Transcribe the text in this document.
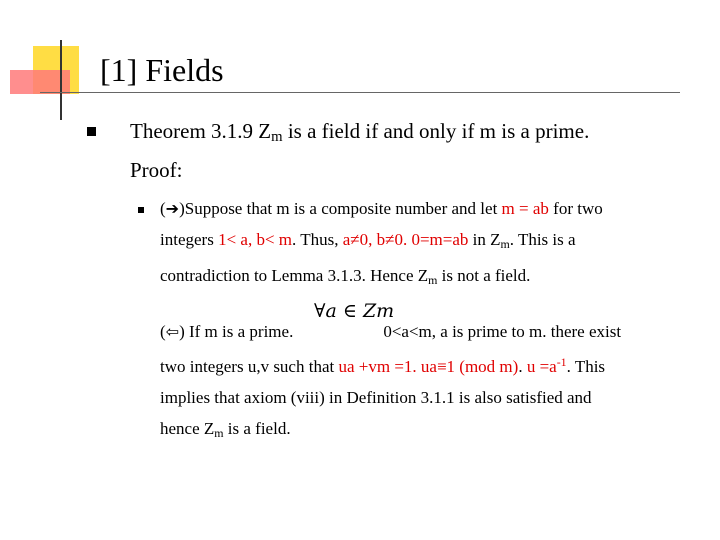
[1] Fields
Theorem 3.1.9 $Z_m$ is a field if and only if m is a prime.
Proof:
(➔)Suppose that m is a composite number and let m = ab for two
integers 1< a, b< m. Thus, a≠0, b≠0. 0=m=ab in $Z_m$. This is a
contradiction to Lemma 3.1.3. Hence $Z_m$ is not a field.
(⇦) If m is a prime.	0<a<m, a is prime to m. there exist
two integers u,v such that ua +vm =1. ua≡1 (mod m). $u =a^{-1}$. This
implies that axiom (viii) in Definition 3.1.1 is also satisfied and
hence $Z_m$ is a field.
∀a ∈ Zm
